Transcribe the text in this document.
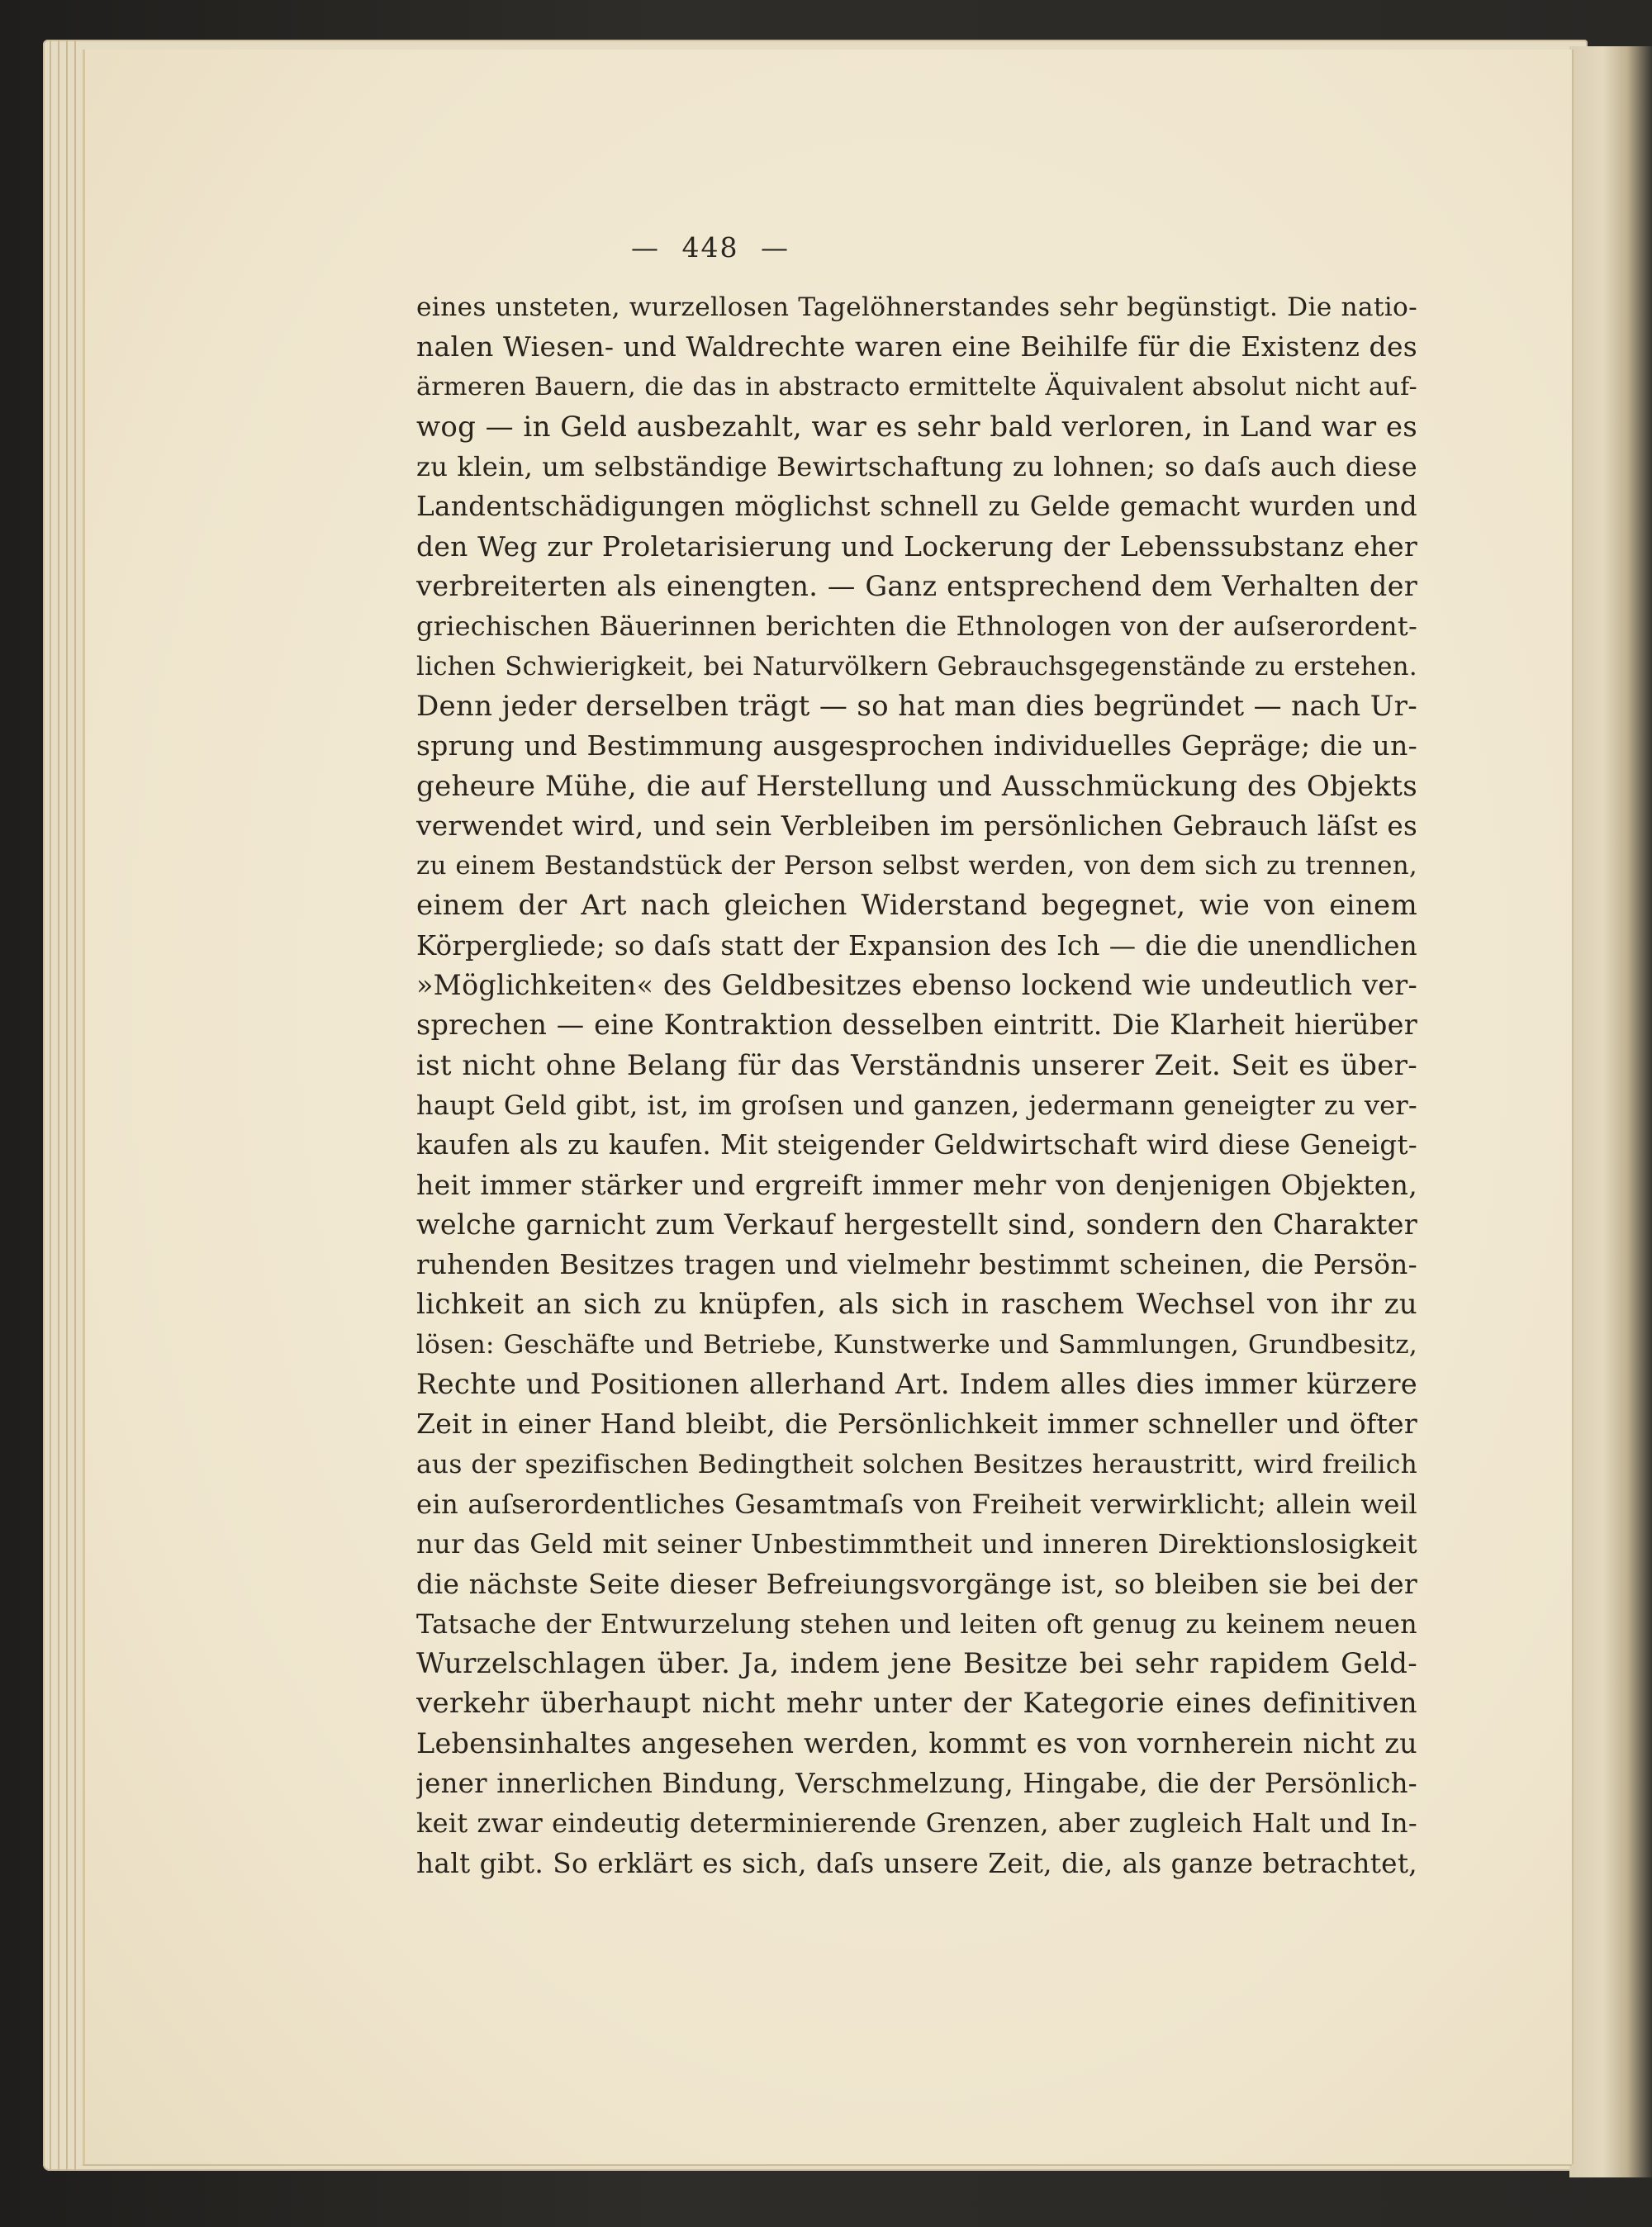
— 448 —
eines unsteten, wurzellosen Tagelöhnerstandes sehr begünstigt. Die natio-
nalen Wiesen- und Waldrechte waren eine Beihilfe für die Existenz des
ärmeren Bauern, die das in abstracto ermittelte Äquivalent absolut nicht auf-
wog — in Geld ausbezahlt, war es sehr bald verloren, in Land war es
zu klein, um selbständige Bewirtschaftung zu lohnen; so daſs auch diese
Landentschädigungen möglichst schnell zu Gelde gemacht wurden und
den Weg zur Proletarisierung und Lockerung der Lebenssubstanz eher
verbreiterten als einengten. — Ganz entsprechend dem Verhalten der
griechischen Bäuerinnen berichten die Ethnologen von der auſserordent-
lichen Schwierigkeit, bei Naturvölkern Gebrauchsgegenstände zu erstehen.
Denn jeder derselben trägt — so hat man dies begründet — nach Ur-
sprung und Bestimmung ausgesprochen individuelles Gepräge; die un-
geheure Mühe, die auf Herstellung und Ausschmückung des Objekts
verwendet wird, und sein Verbleiben im persönlichen Gebrauch läſst es
zu einem Bestandstück der Person selbst werden, von dem sich zu trennen,
einem der Art nach gleichen Widerstand begegnet, wie von einem
Körpergliede; so daſs statt der Expansion des Ich — die die unendlichen
»Möglichkeiten« des Geldbesitzes ebenso lockend wie undeutlich ver-
sprechen — eine Kontraktion desselben eintritt. Die Klarheit hierüber
ist nicht ohne Belang für das Verständnis unserer Zeit. Seit es über-
haupt Geld gibt, ist, im groſsen und ganzen, jedermann geneigter zu ver-
kaufen als zu kaufen. Mit steigender Geldwirtschaft wird diese Geneigt-
heit immer stärker und ergreift immer mehr von denjenigen Objekten,
welche garnicht zum Verkauf hergestellt sind, sondern den Charakter
ruhenden Besitzes tragen und vielmehr bestimmt scheinen, die Persön-
lichkeit an sich zu knüpfen, als sich in raschem Wechsel von ihr zu
lösen: Geschäfte und Betriebe, Kunstwerke und Sammlungen, Grundbesitz,
Rechte und Positionen allerhand Art. Indem alles dies immer kürzere
Zeit in einer Hand bleibt, die Persönlichkeit immer schneller und öfter
aus der spezifischen Bedingtheit solchen Besitzes heraustritt, wird freilich
ein auſserordentliches Gesamtmaſs von Freiheit verwirklicht; allein weil
nur das Geld mit seiner Unbestimmtheit und inneren Direktionslosigkeit
die nächste Seite dieser Befreiungsvorgänge ist, so bleiben sie bei der
Tatsache der Entwurzelung stehen und leiten oft genug zu keinem neuen
Wurzelschlagen über. Ja, indem jene Besitze bei sehr rapidem Geld-
verkehr überhaupt nicht mehr unter der Kategorie eines definitiven
Lebensinhaltes angesehen werden, kommt es von vornherein nicht zu
jener innerlichen Bindung, Verschmelzung, Hingabe, die der Persönlich-
keit zwar eindeutig determinierende Grenzen, aber zugleich Halt und In-
halt gibt. So erklärt es sich, daſs unsere Zeit, die, als ganze betrachtet,
